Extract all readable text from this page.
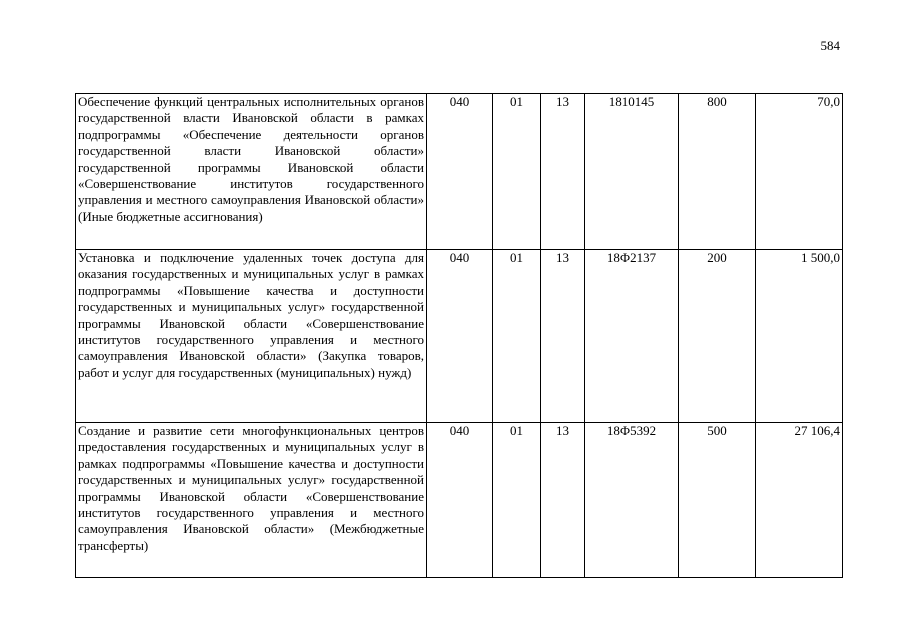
584
Обеспечение функций центральных исполнительных органов государственной власти Ивановской области в рамках подпрограммы «Обеспечение деятельности органов государственной власти Ивановской области» государственной программы Ивановской области «Совершенствование институтов государственного управления и местного самоуправления Ивановской области» (Иные бюджетные ассигнования)	040	01	13	1810145	800	70,0
Установка и подключение удаленных точек доступа для оказания государственных и муниципальных услуг в рамках подпрограммы «Повышение качества и доступности государственных и муниципальных услуг» государственной программы Ивановской области «Совершенствование институтов государственного управления и местного самоуправления Ивановской области» (Закупка товаров, работ и услуг для государственных (муниципальных) нужд)	040	01	13	18Ф2137	200	1 500,0
Создание и развитие сети многофункциональных центров предоставления государственных и муниципальных услуг в рамках подпрограммы «Повышение качества и доступности государственных и муниципальных услуг» государственной программы Ивановской области «Совершенствование институтов государственного управления и местного самоуправления Ивановской области» (Межбюджетные трансферты)	040	01	13	18Ф5392	500	27 106,4
